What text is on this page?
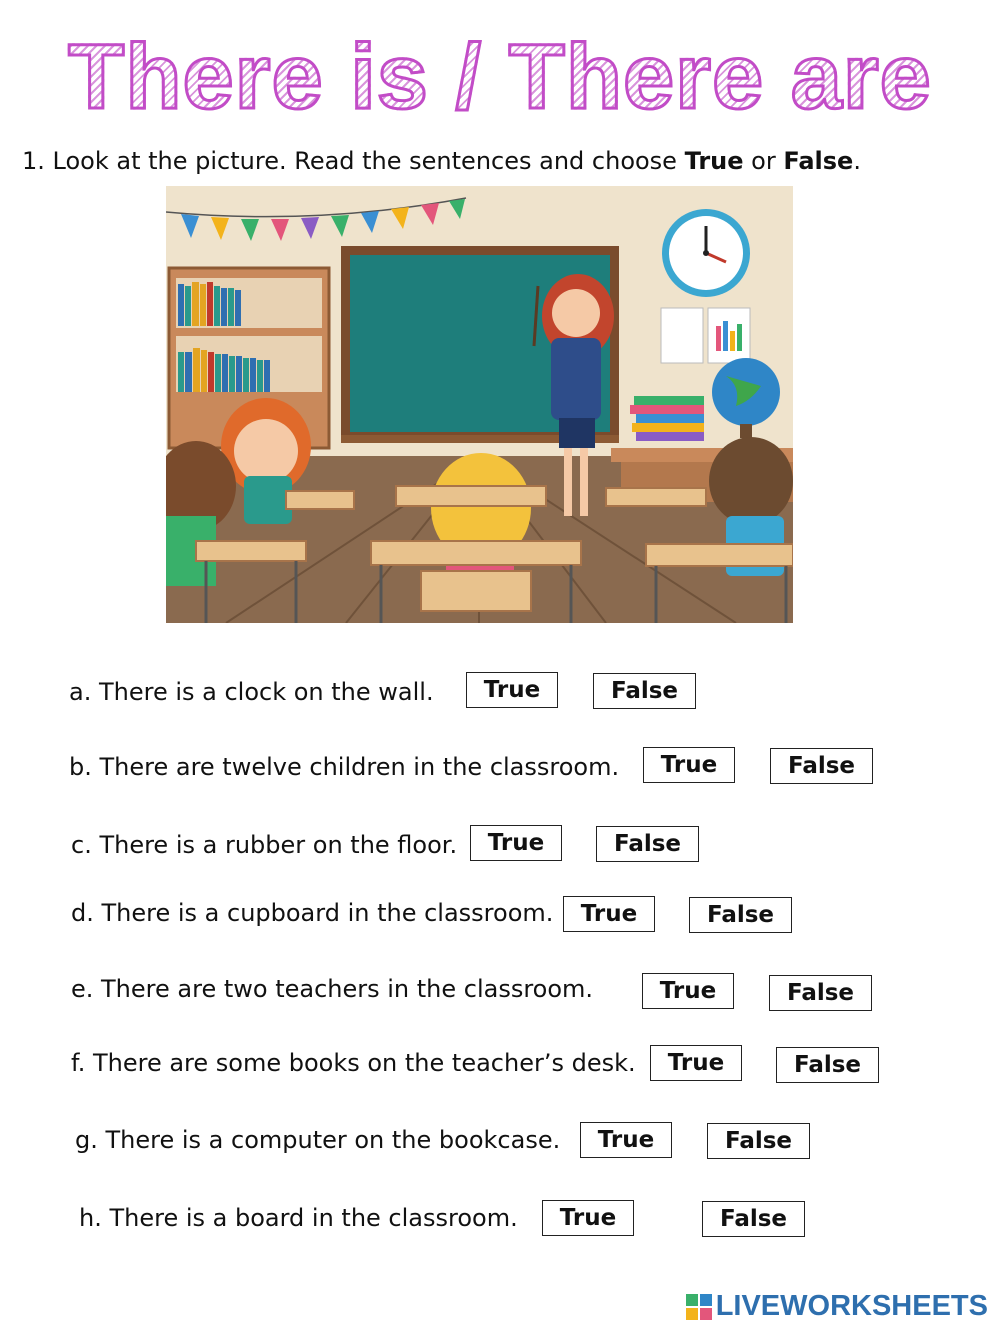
There is / There are
1. Look at the picture. Read the sentences and choose True or False.
a. There is a clock on the wall.	True	False
b. There are twelve children in the classroom.	True	False
c. There is a rubber on the floor.	True	False
d. There is a cupboard in the classroom.	True	False
e. There are two teachers in the classroom.	True	False
f. There are some books on the teacher’s desk.	True	False
g. There is a computer on the bookcase.	True	False
h. There is a board in the classroom.	True	False
LIVEWORKSHEETS
